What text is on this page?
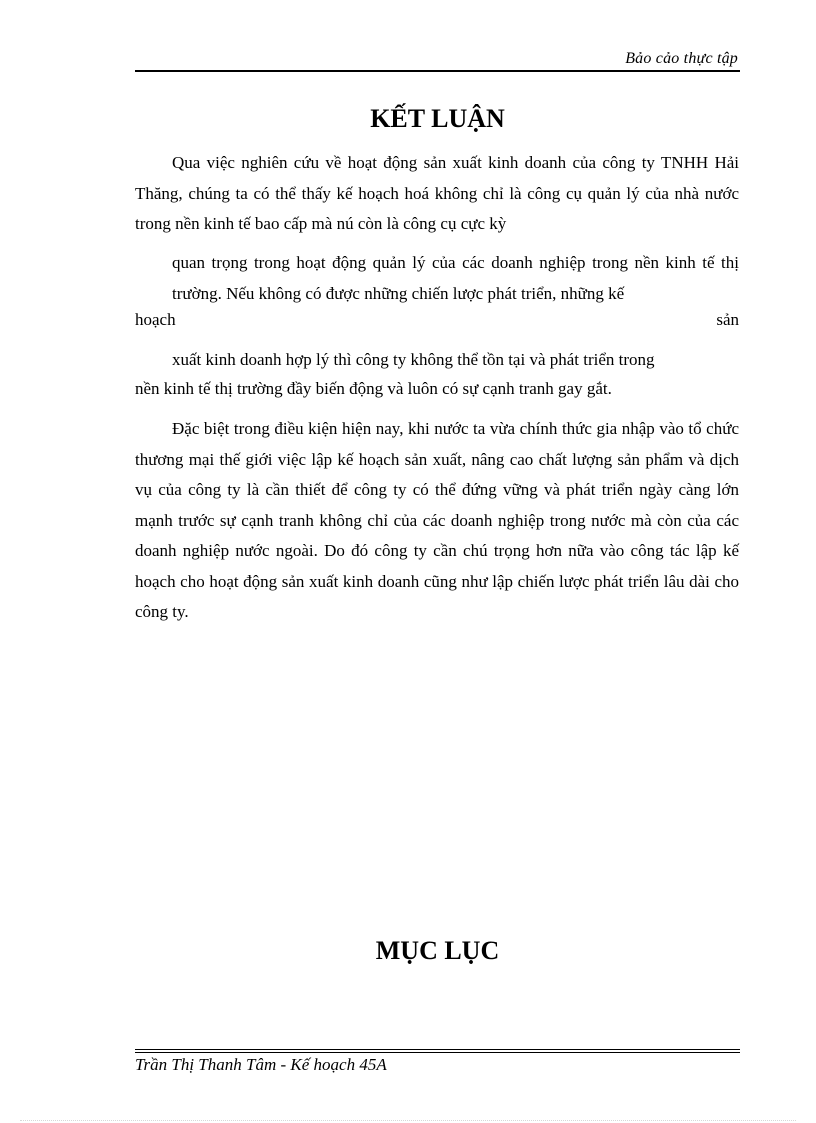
Bảo cảo thực tập
KẾT LUẬN
Qua việc nghiên cứu về hoạt động sản xuất kinh doanh của công ty TNHH Hải Thăng, chúng ta có thể thấy kế hoạch hoá không chỉ là công cụ quản lý của nhà nước trong nền kinh tế bao cấp mà nú còn là công cụ cực kỳ
quan trọng trong hoạt động quản lý của các doanh nghiệp trong nền kinh tế thị trường. Nếu không có được những chiến lược phát triển, những kế
hoạch	sản
xuất kinh doanh hợp lý thì công ty không thể tồn tại và phát triển trong
nền kinh tế thị trường đầy biến động và luôn có sự cạnh tranh gay gắt.
Đặc biệt trong điều kiện hiện nay, khi nước ta vừa chính thức gia nhập vào tổ chức thương mại thế giới việc lập kế hoạch sản xuất, nâng cao chất lượng sản phẩm và dịch vụ của công ty là cần thiết để công ty có thể đứng vững và phát triển ngày càng lớn mạnh trước sự cạnh tranh không chỉ của các doanh nghiệp trong nước mà còn của các doanh nghiệp nước ngoài. Do đó công ty cần chú trọng hơn nữa vào công tác lập kế hoạch cho hoạt động sản xuất kinh doanh cũng như lập chiến lược phát triển lâu dài cho công ty.
MỤC LỤC
Trần Thị Thanh Tâm - Kế hoạch 45A
